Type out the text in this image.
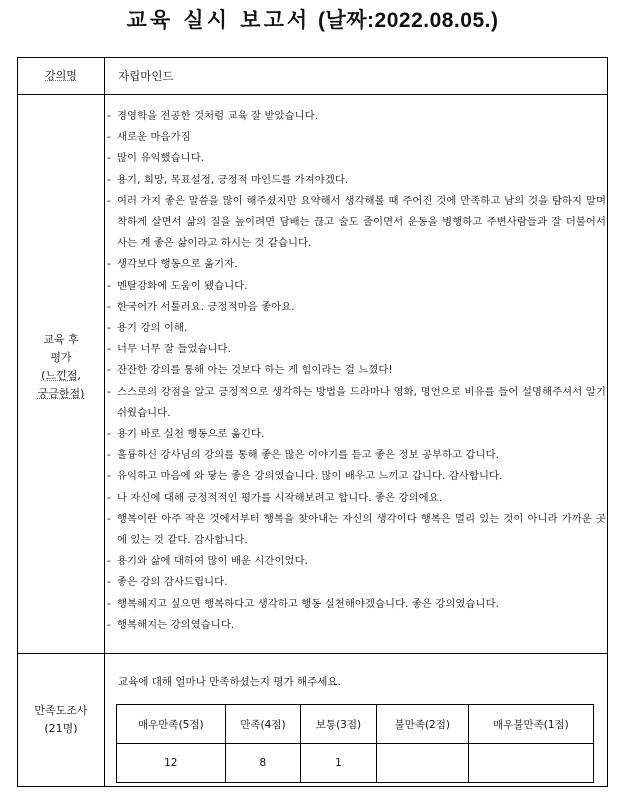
교육 실시 보고서 (날짜:2022.08.05.)
강의명	자립마인드
교육 후
평가
(느낀점,
궁금한점)
- 경영학을 전공한 것처럼 교육 잘 받았습니다.
- 새로운 마음가짐
- 많이 유익했습니다.
- 용기, 희망, 목표설정, 긍정적 마인드를 가져야겠다.
- 여러 가지 좋은 말씀을 많이 해주셨지만 요약해서 생각해볼 때 주어진 것에 만족하고 남의 것을 탐하지 말며 착하게 살면서 삶의 질을 높이려면 담배는 끊고 술도 줄이면서 운동을 병행하고 주변사람들과 잘 더불어서 사는 게 좋은 삶이라고 하시는 것 같습니다.
- 생각보다 행동으로 옮기자.
- 멘탈강화에 도움이 됐습니다.
- 한국어가 서툴러요. 긍정적마음 좋아요.
- 용기 강의 이해.
- 너무 너무 잘 들었습니다.
- 잔잔한 강의를 통해 아는 것보다 하는 게 힘이라는 걸 느꼈다!
- 스스로의 강점을 알고 긍정적으로 생각하는 방법을 드라마나 영화, 명언으로 비유를 들어 설명해주셔서 알기 쉬웠습니다.
- 용기 바로 실천 행동으로 옮긴다.
- 훌륭하신 강사님의 강의를 통해 좋은 많은 이야기를 듣고 좋은 정보 공부하고 갑니다.
- 유익하고 마음에 와 닿는 좋은 강의였습니다. 많이 배우고 느끼고 갑니다. 감사합니다.
- 나 자신에 대해 긍정적적인 평가를 시작해보려고 합니다. 좋은 강의에요.
- 행복이란 아주 작은 것에서부터 행복을 찾아내는 자신의 생각이다 행복은 멀리 있는 것이 아니라 가까운 곳에 있는 것 같다. 감사합니다.
- 용기와 삶에 대하여 많이 배운 시간이었다.
- 좋은 강의 감사드립니다.
- 행복해지고 싶으면 행복하다고 생각하고 행동 실천해야겠습니다. 좋은 강의였습니다.
- 행복해지는 강의였습니다.
만족도조사
(21명)
교육에 대해 얼마나 만족하셨는지 평가 해주세요.
매우만족(5점)	만족(4점)	보통(3점)	불만족(2점)	매우불만족(1점)
12	8	1		
